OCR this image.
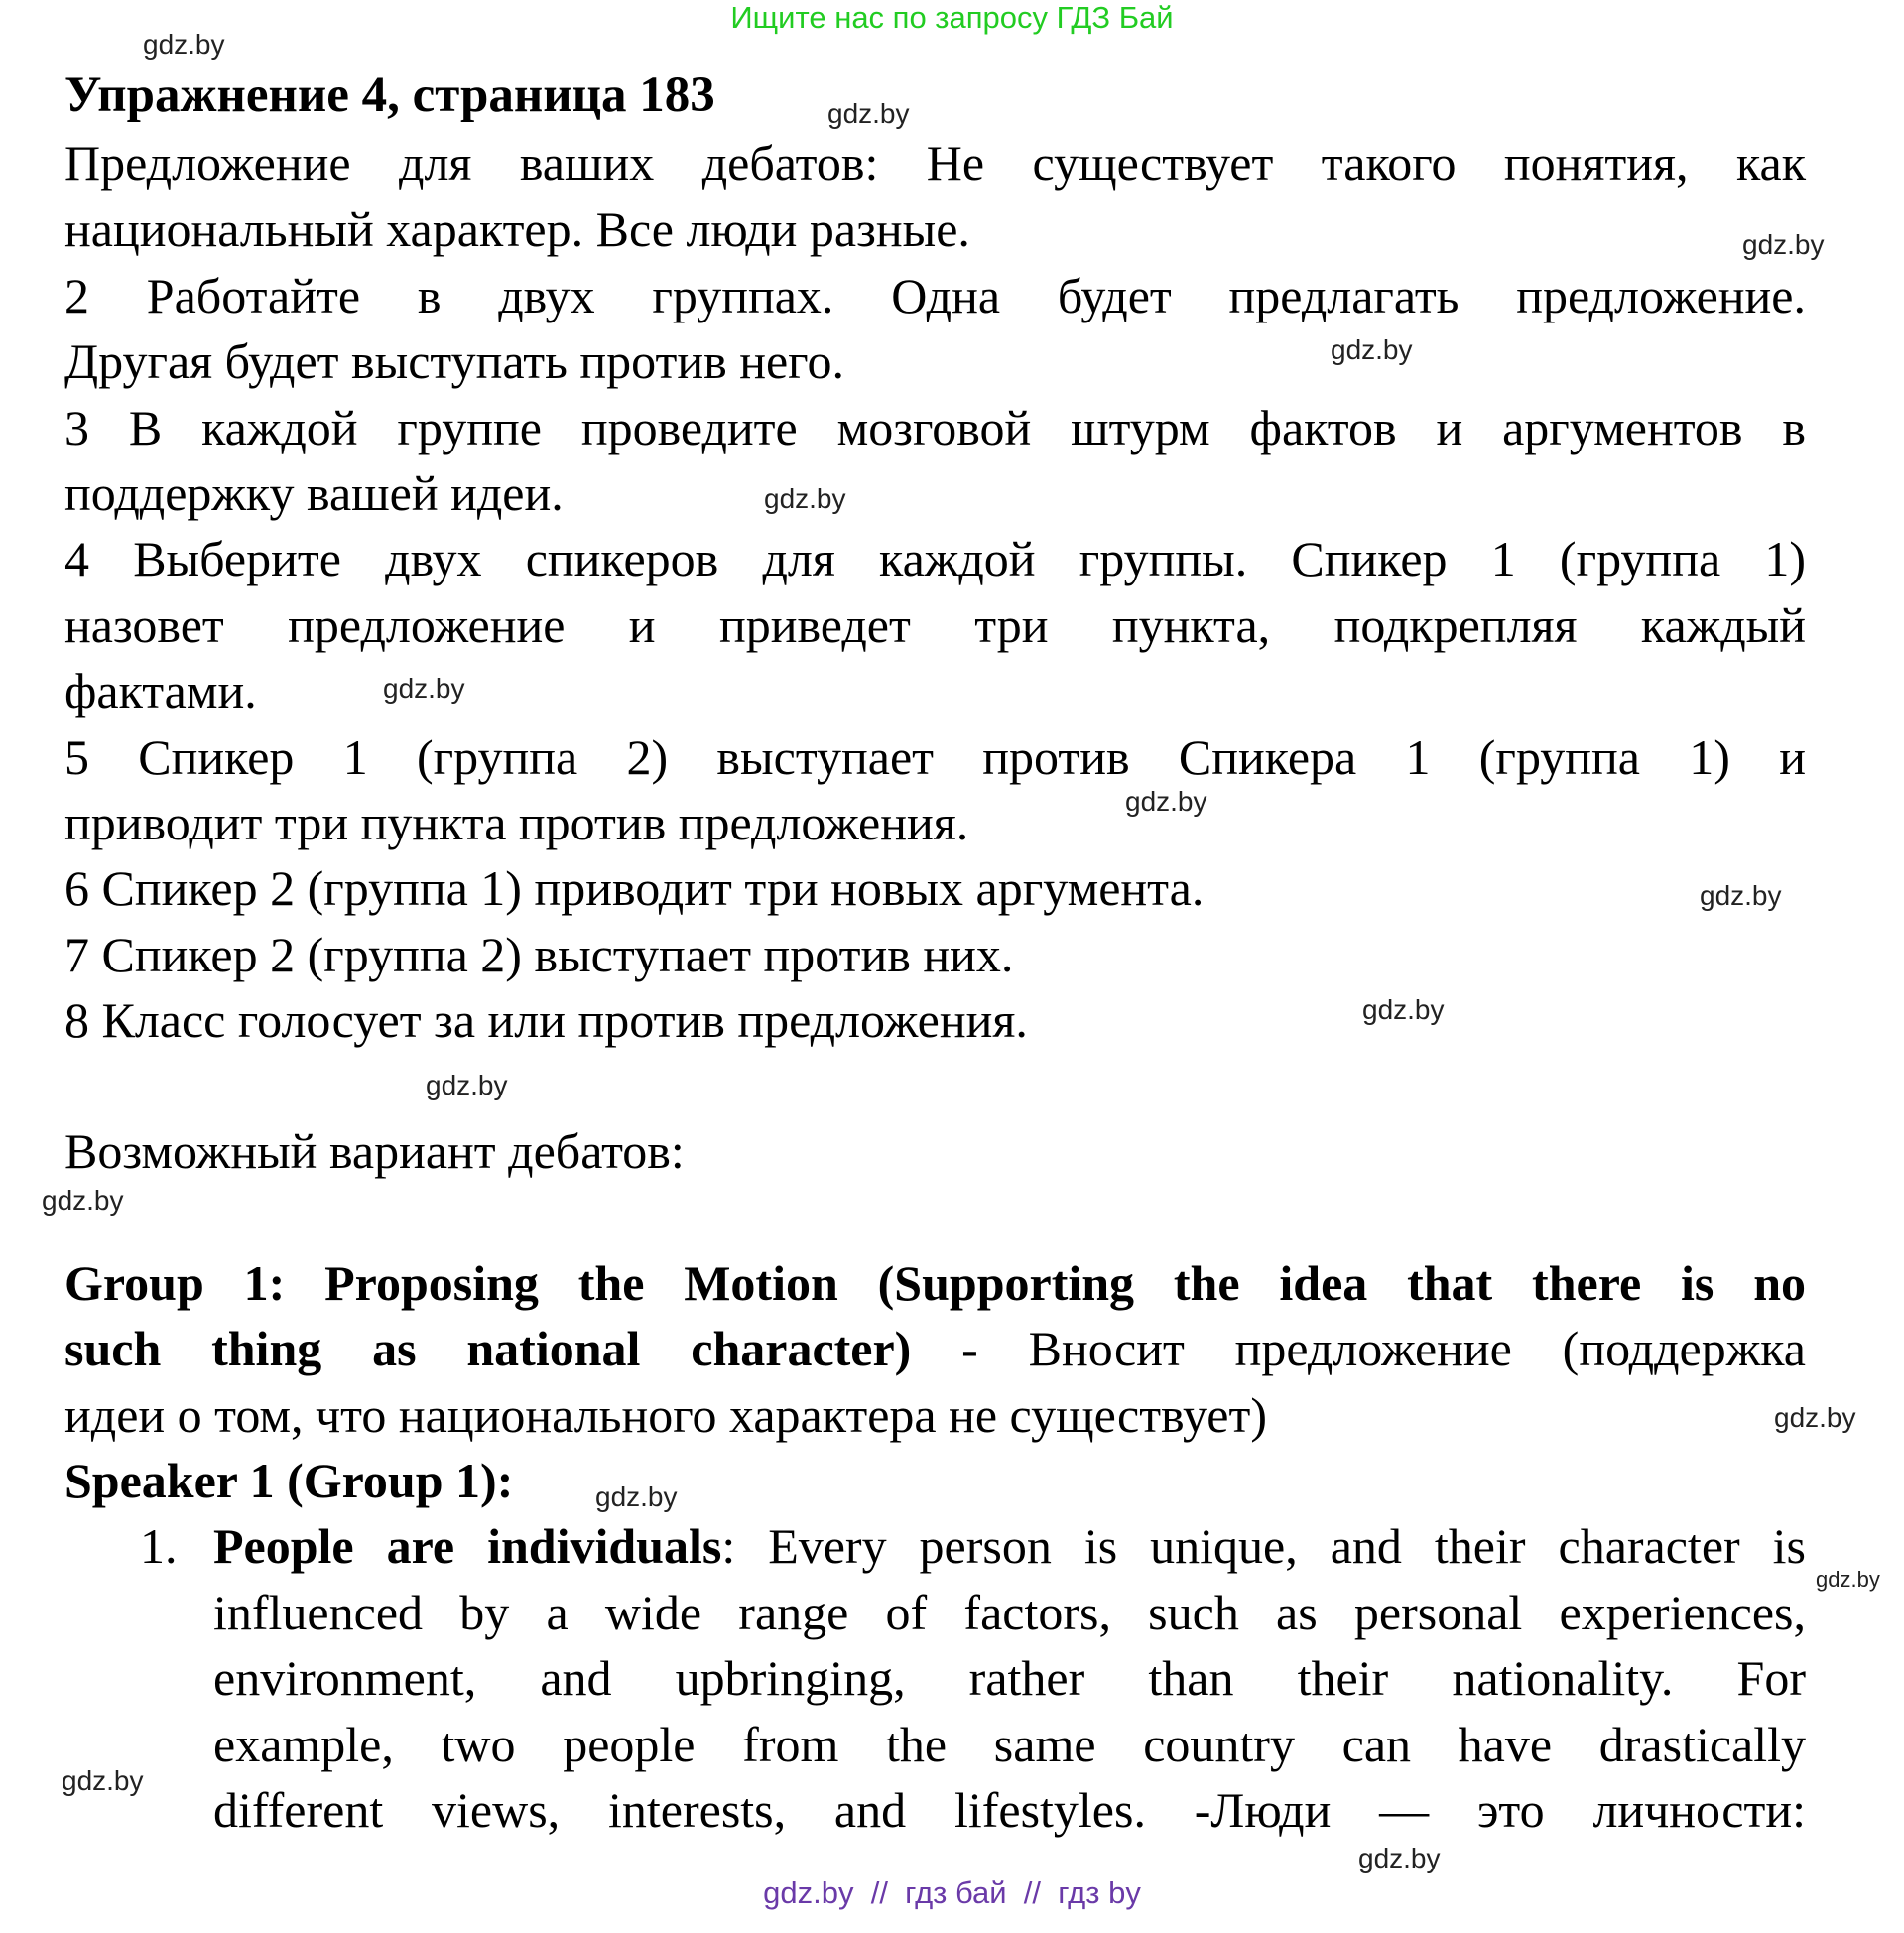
Ищите нас по запросу ГДЗ Бай
Упражнение 4, страница 183
Предложение для ваших дебатов: Не существует такого понятия, как
национальный характер. Все люди разные.
2 Работайте в двух группах. Одна будет предлагать предложение.
Другая будет выступать против него.
3 В каждой группе проведите мозговой штурм фактов и аргументов в
поддержку вашей идеи.
4 Выберите двух спикеров для каждой группы. Спикер 1 (группа 1)
назовет предложение и приведет три пункта, подкрепляя каждый
фактами.
5 Спикер 1 (группа 2) выступает против Спикера 1 (группа 1) и
приводит три пункта против предложения.
6 Спикер 2 (группа 1) приводит три новых аргумента.
7 Спикер 2 (группа 2) выступает против них.
8 Класс голосует за или против предложения.
Возможный вариант дебатов:
Group 1: Proposing the Motion (Supporting the idea that there is no
such thing as national character) - Вносит предложение (поддержка
идеи о том, что национального характера не существует)
Speaker 1 (Group 1):
1. People are individuals: Every person is unique, and their character is
influenced by a wide range of factors, such as personal experiences,
environment, and upbringing, rather than their nationality. For
example, two people from the same country can have drastically
different views, interests, and lifestyles. -Люди — это личности:
gdz.by
gdz.by
gdz.by
gdz.by
gdz.by
gdz.by
gdz.by
gdz.by
gdz.by
gdz.by
gdz.by
gdz.by
gdz.by
gdz.by
gdz.by
gdz.by
gdz.by  //  гдз бай  //  гдз by
